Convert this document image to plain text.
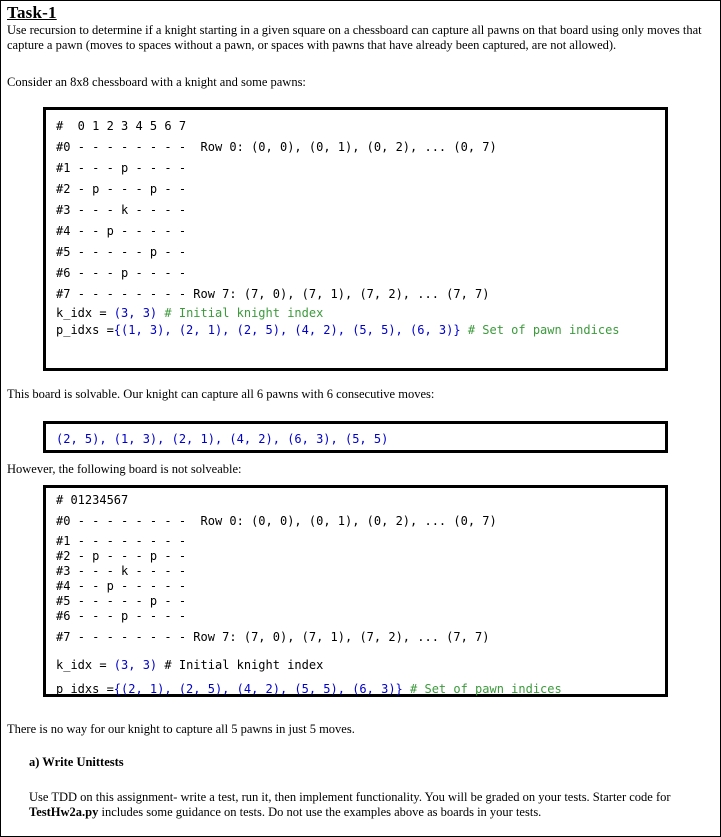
Task-1
Use recursion to determine if a knight starting in a given square on a chessboard can capture all pawns on that board using only moves that capture a pawn (moves to spaces without a pawn, or spaces with pawns that have already been captured, are not allowed).
Consider an 8x8 chessboard with a knight and some pawns:
#  0 1 2 3 4 5 6 7
#0 - - - - - - - -  Row 0: (0, 0), (0, 1), (0, 2), ... (0, 7)
#1 - - - p - - - -
#2 - p - - - p - -
#3 - - - k - - - -
#4 - - p - - - - -
#5 - - - - - p - -
#6 - - - p - - - -
#7 - - - - - - - - Row 7: (7, 0), (7, 1), (7, 2), ... (7, 7)
k_idx = (3, 3) # Initial knight index
p_idxs ={(1, 3), (2, 1), (2, 5), (4, 2), (5, 5), (6, 3)} # Set of pawn indices
This board is solvable. Our knight can capture all 6 pawns with 6 consecutive moves:
(2, 5), (1, 3), (2, 1), (4, 2), (6, 3), (5, 5)
However, the following board is not solveable:
# 01234567
#0 - - - - - - - -  Row 0: (0, 0), (0, 1), (0, 2), ... (0, 7)
#1 - - - - - - - -
#2 - p - - - p - -
#3 - - - k - - - -
#4 - - p - - - - -
#5 - - - - - p - -
#6 - - - p - - - -
#7 - - - - - - - - Row 7: (7, 0), (7, 1), (7, 2), ... (7, 7)
k_idx = (3, 3) # Initial knight index
p_idxs ={(2, 1), (2, 5), (4, 2), (5, 5), (6, 3)} # Set of pawn indices
There is no way for our knight to capture all 5 pawns in just 5 moves.
a) Write Unittests
Use TDD on this assignment- write a test, run it, then implement functionality. You will be graded on your tests. Starter code for TestHw2a.py includes some guidance on tests. Do not use the examples above as boards in your tests.
